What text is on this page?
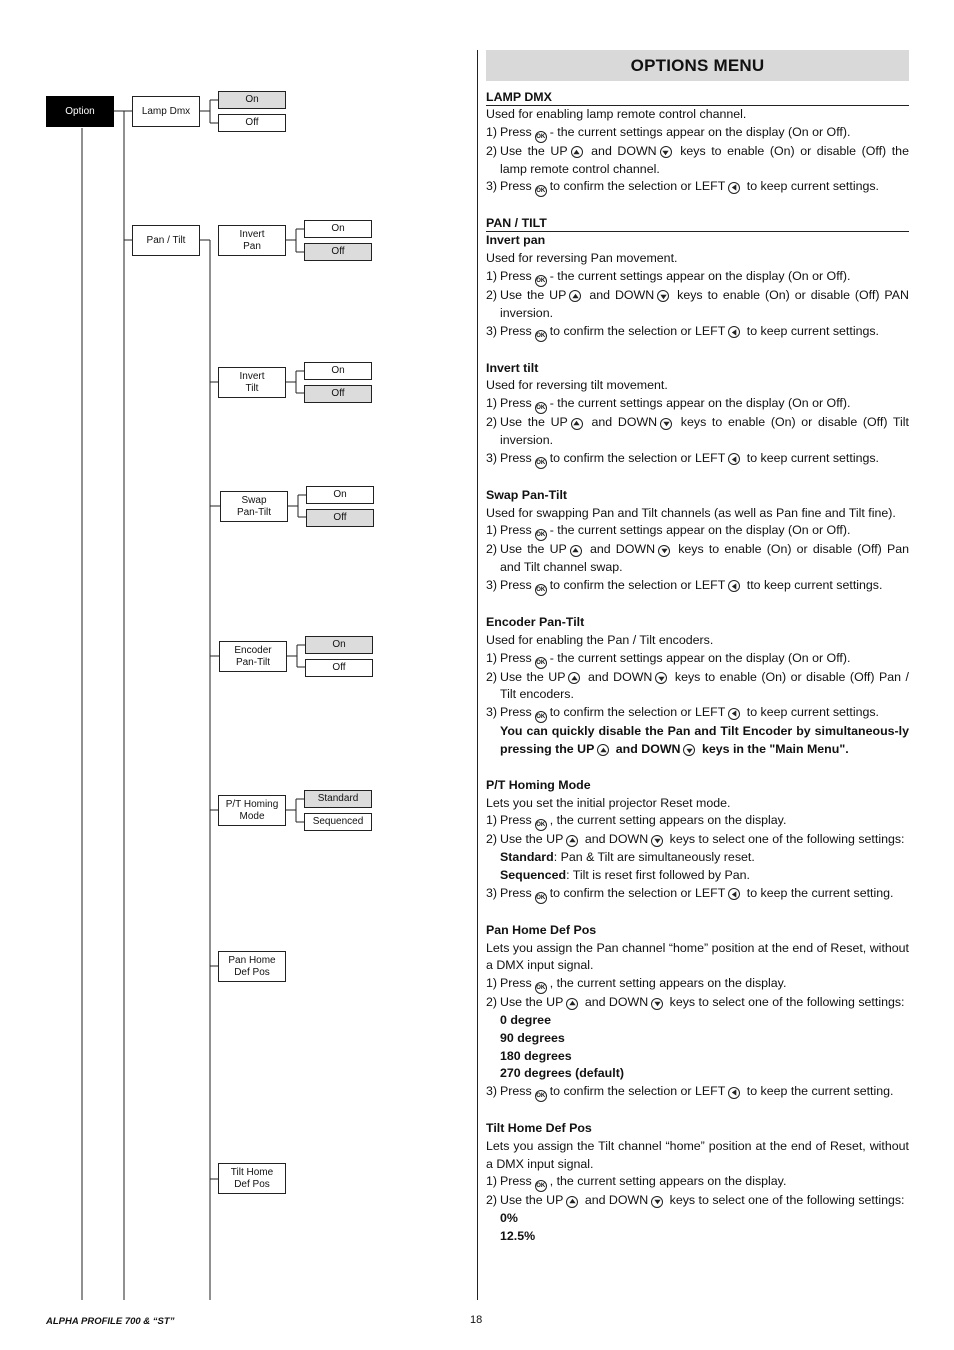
Option	Lamp Dmx
On
Off
Pan / Tilt
Invert
Pan
On
Off
Invert
Tilt
On
Off
Swap
Pan-Tilt
On
Off
Encoder
Pan-Tilt
On
Off
P/T Homing
Mode
Standard
Sequenced
Pan Home
Def Pos
Tilt Home
Def Pos
OPTIONS MENU
LAMP DMX
Used for enabling lamp remote control channel.
1) Press OK - the current settings appear on the display (On or Off).
2) Use the UP and DOWN keys to enable (On) or disable (Off) the lamp remote control channel.
3) Press OK to confirm the selection or LEFT to keep current settings.
PAN / TILT
Invert pan
Used for reversing Pan movement.
1) Press OK - the current settings appear on the display (On or Off).
2) Use the UP and DOWN keys to enable (On) or disable (Off) PAN inversion.
3) Press OK to confirm the selection or LEFT to keep current settings.
Invert tilt
Used for reversing tilt movement.
1) Press OK - the current settings appear on the display (On or Off).
2) Use the UP and DOWN keys to enable (On) or disable (Off) Tilt inversion.
3) Press OK to confirm the selection or LEFT to keep current settings.
Swap Pan-Tilt
Used for swapping Pan and Tilt channels (as well as Pan fine and Tilt fine).
1) Press OK - the current settings appear on the display (On or Off).
2) Use the UP and DOWN keys to enable (On) or disable (Off) Pan and Tilt channel swap.
3) Press OK to confirm the selection or LEFT tto keep current settings.
Encoder Pan-Tilt
Used for enabling the Pan / Tilt encoders.
1) Press OK - the current settings appear on the display (On or Off).
2) Use the UP and DOWN keys to enable (On) or disable (Off) Pan / Tilt encoders.
3) Press OK to confirm the selection or LEFT to keep current settings.
You can quickly disable the Pan and Tilt Encoder by simultaneous-ly pressing the UP and DOWN keys in the "Main Menu".
P/T Homing Mode
Lets you set the initial projector Reset mode.
1) Press OK , the current setting appears on the display.
2) Use the UP and DOWN keys to select one of the following settings:
Standard: Pan & Tilt are simultaneously reset.
Sequenced: Tilt is reset first followed by Pan.
3) Press OK to confirm the selection or LEFT to keep the current setting.
Pan Home Def Pos
Lets you assign the Pan channel “home” position at the end of Reset, without a DMX input signal.
1) Press OK , the current setting appears on the display.
2) Use the UP and DOWN keys to select one of the following settings:
0 degree
90 degrees
180 degrees
270 degrees (default)
3) Press OK to confirm the selection or LEFT to keep the current setting.
Tilt Home Def Pos
Lets you assign the Tilt channel “home” position at the end of Reset, without a DMX input signal.
1) Press OK , the current setting appears on the display.
2) Use the UP and DOWN keys to select one of the following settings:
0%
12.5%
ALPHA PROFILE 700 & “ST”	18
